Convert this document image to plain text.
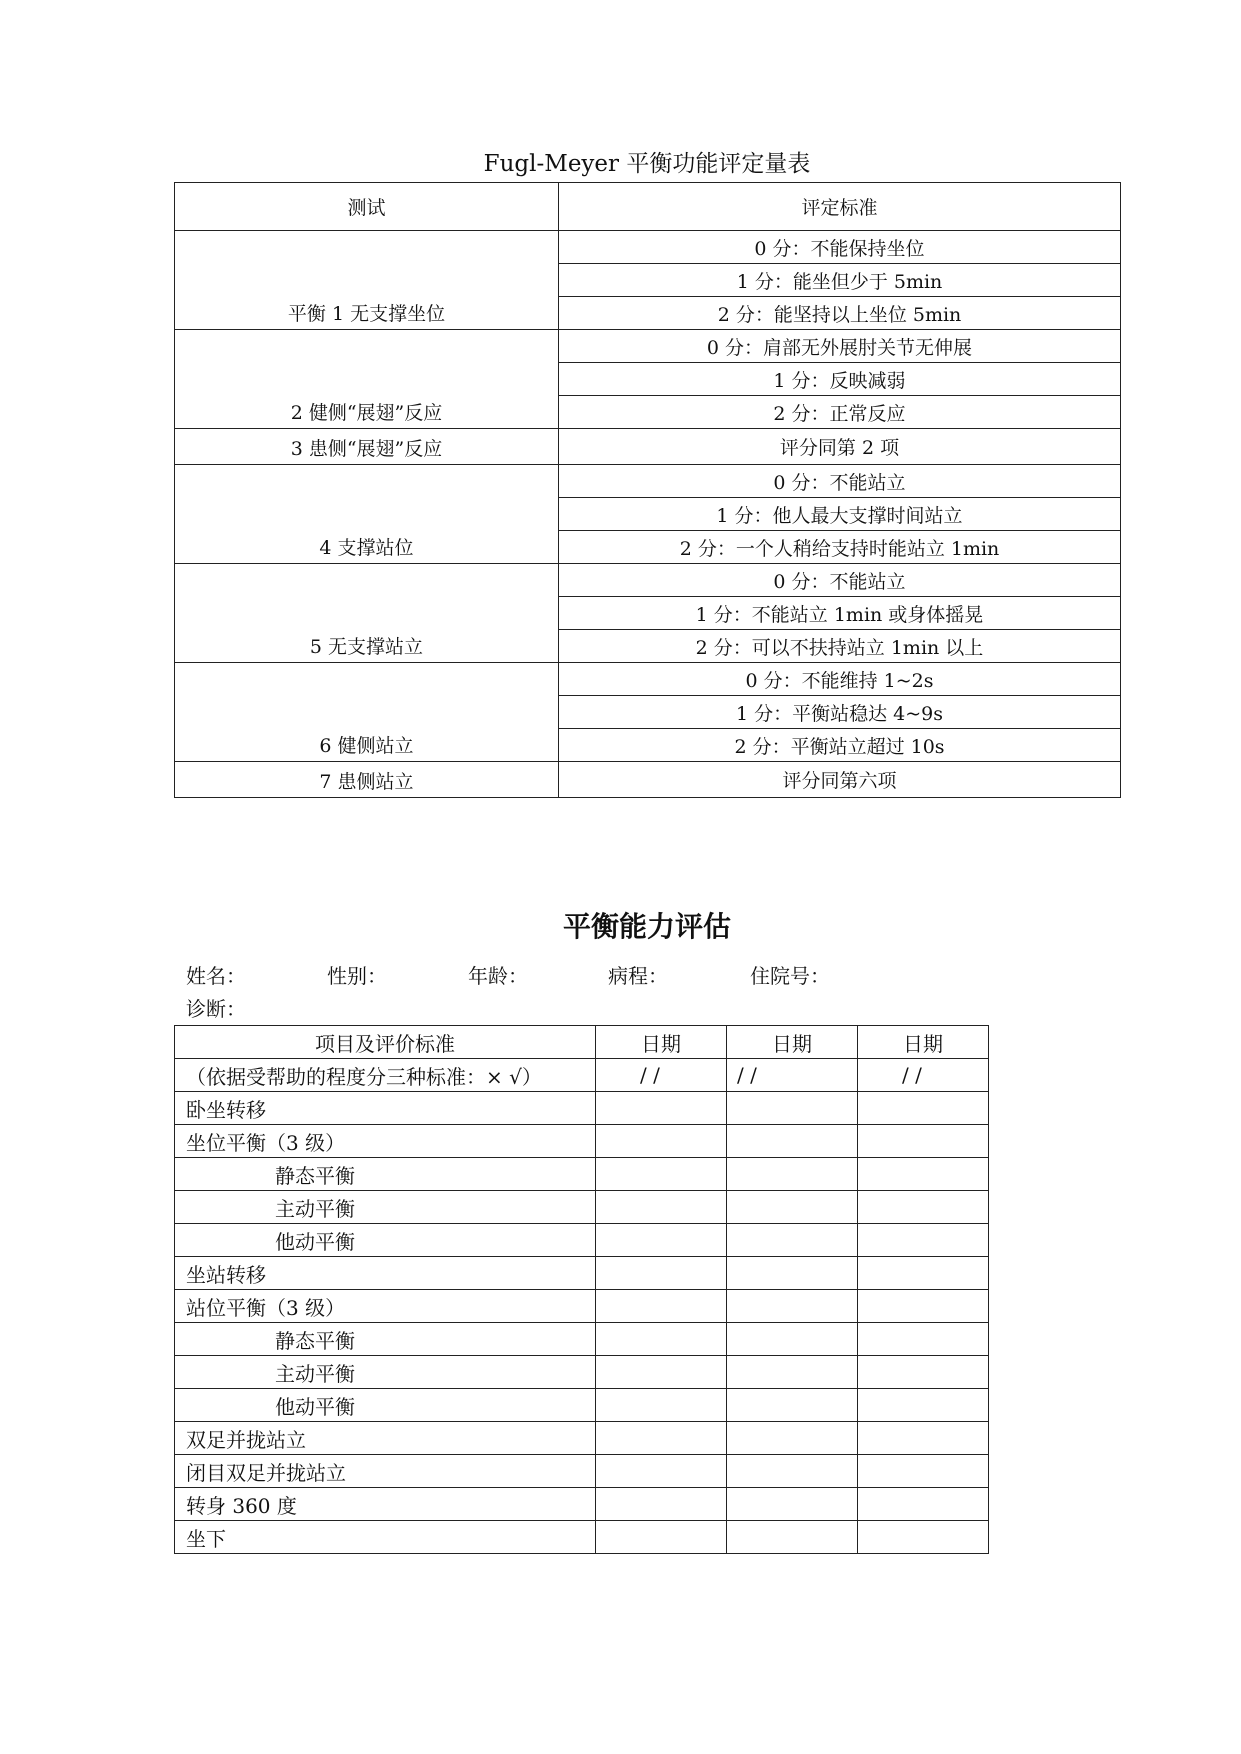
Fugl-Meyer 平衡功能评定量表
测试	评定标准
平衡 1 无支撑坐位	0 分：不能保持坐位
	1 分：能坐但少于 5min
	2 分：能坚持以上坐位 5min
2 健侧“展翅”反应	0 分：肩部无外展肘关节无伸展
	1 分：反映减弱
	2 分：正常反应
3 患侧“展翅”反应	评分同第 2 项
4 支撑站位	0 分：不能站立
	1 分：他人最大支撑时间站立
	2 分：一个人稍给支持时能站立 1min
5 无支撑站立	0 分：不能站立
	1 分：不能站立 1min 或身体摇晃
	2 分：可以不扶持站立 1min 以上
6 健侧站立	0 分：不能维持 1~2s
	1 分：平衡站稳达 4~9s
	2 分：平衡站立超过 10s
7 患侧站立	评分同第六项
平衡能力评估
姓名：	性别：	年龄：	病程：	住院号：
诊断：
项目及评价标准	日期	日期	日期
（依据受帮助的程度分三种标准：× √）	/ /	/ /	/ /
卧坐转移			
坐位平衡（3 级）			
静态平衡			
主动平衡			
他动平衡			
坐站转移			
站位平衡（3 级）			
静态平衡			
主动平衡			
他动平衡			
双足并拢站立			
闭目双足并拢站立			
转身 360 度			
坐下			
